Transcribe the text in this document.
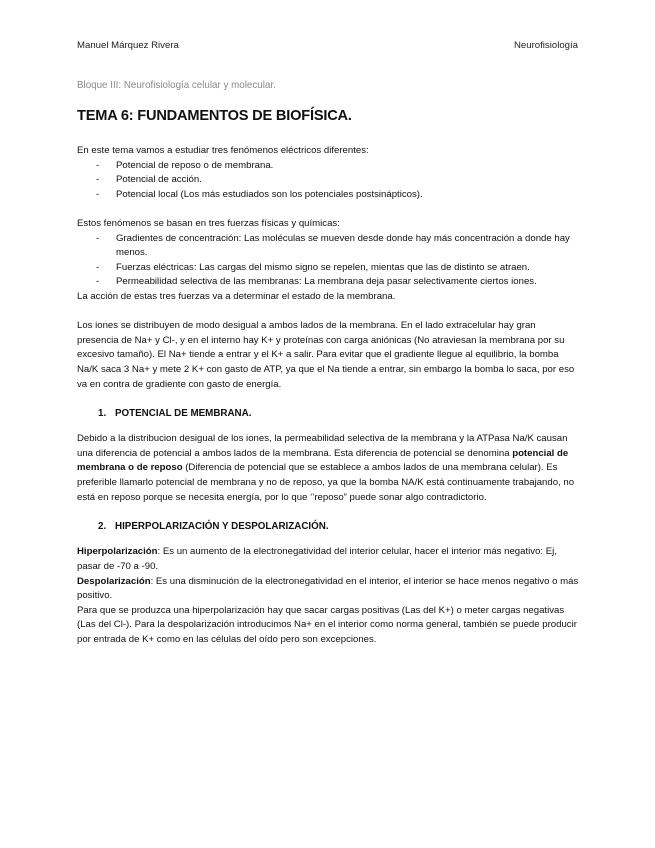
Manuel Márquez Rivera	Neurofisiología
Bloque III: Neurofisiología celular y molecular.
TEMA 6: FUNDAMENTOS DE BIOFÍSICA.

En este tema vamos a estudiar tres fenómenos eléctricos diferentes:

- Potencial de reposo o de membrana.
- Potencial de acción.
- Potencial local (Los más estudiados son los potenciales postsinápticos).

Estos fenómenos se basan en tres fuerzas físicas y químicas:

- Gradientes de concentración: Las moléculas se mueven desde donde hay más concentración a donde hay menos.
- Fuerzas eléctricas: Las cargas del mismo signo se repelen, mientas que las de distinto se atraen.
- Permeabilidad selectiva de las membranas: La membrana deja pasar selectivamente ciertos iones.

La acción de estas tres fuerzas va a determinar el estado de la membrana.

Los iones se distribuyen de modo desigual a ambos lados de la membrana. En el lado extracelular hay gran presencia de Na+ y Cl-, y en el interno hay K+ y proteínas con carga aniónicas (No atraviesan la membrana por su excesivo tamaño). El Na+ tiende a entrar y el K+ a salir. Para evitar que el gradiente llegue al equilibrio, la bomba Na/K saca 3 Na+ y mete 2 K+ con gasto de ATP, ya que el Na tiende a entrar, sin embargo la bomba lo saca, por eso va en contra de gradiente con gasto de energía.

1. POTENCIAL DE MEMBRANA.

Debido a la distribucion desigual de los iones, la permeabilidad selectiva de la membrana y la ATPasa Na/K causan una diferencia de potencial a ambos lados de la membrana. Esta diferencia de potencial se denomina potencial de membrana o de reposo (Diferencia de potencial que se establece a ambos lados de una membrana celular). Es preferible llamarlo potencial de membrana y no de reposo, ya que la bomba NA/K está continuamente trabajando, no está en reposo porque se necesita energía, por lo que ‘’reposo” puede sonar algo contradictorio.

2. HIPERPOLARIZACIÓN Y DESPOLARIZACIÓN.

Hiperpolarización: Es un aumento de la electronegatividad del interior celular, hacer el interior más negativo: Ej, pasar de -70 a -90.

Despolarización: Es una disminución de la electronegatividad en el interior, el interior se hace menos negativo o más positivo.

Para que se produzca una hiperpolarización hay que sacar cargas positivas (Las del K+) o meter cargas negativas (Las del Cl-). Para la despolarización introducimos Na+ en el interior como norma general, también se puede producir por entrada de K+ como en las células del oído pero son excepciones.
